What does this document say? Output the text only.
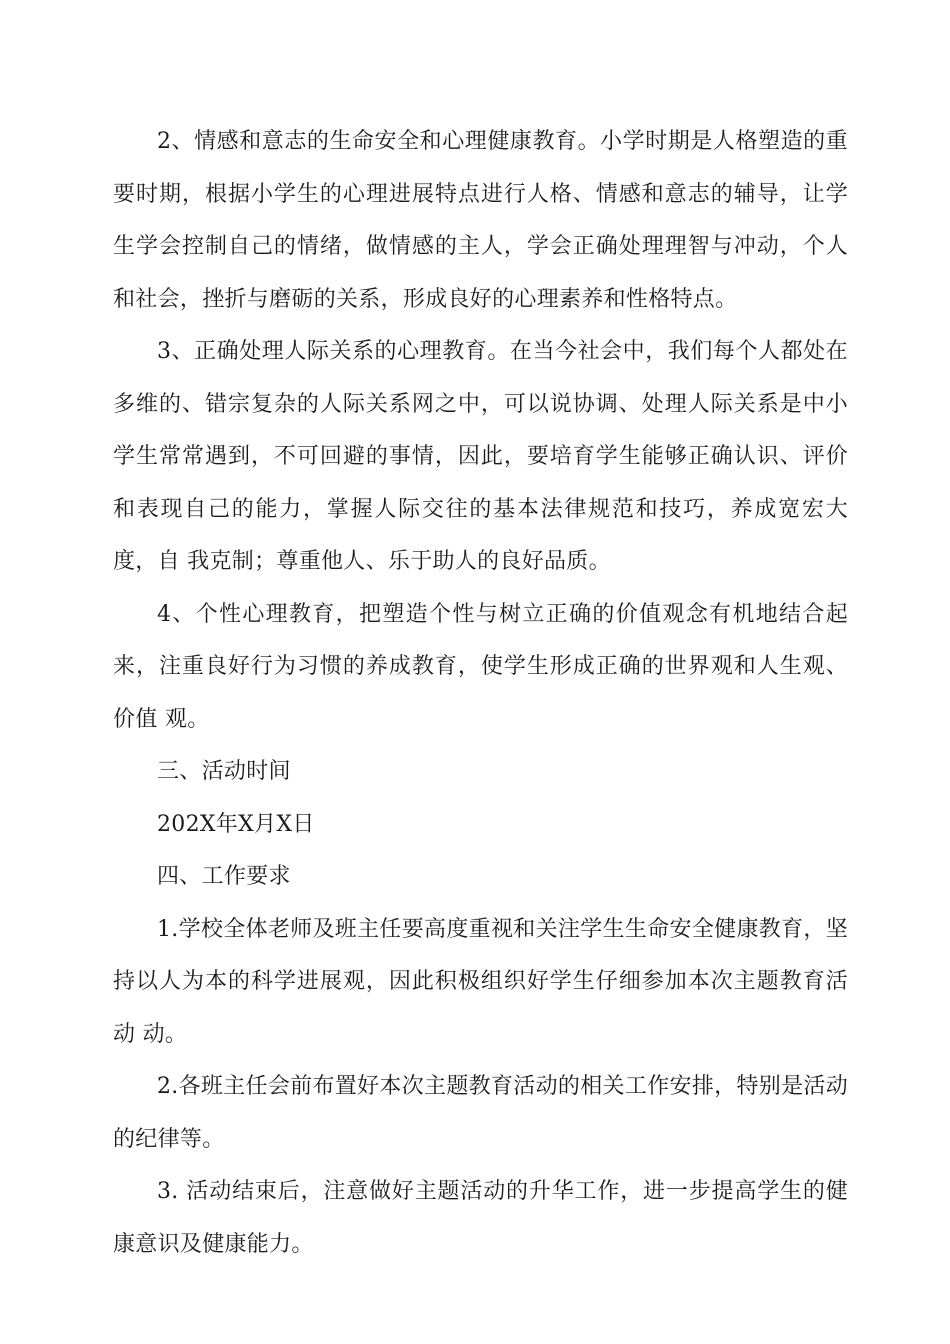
2、情感和意志的生命安全和心理健康教育。小学时期是人格塑造的重 要时期，根据小学生的心理进展特点进行人格、情感和意志的辅导，让学 生学会控制自己的情绪，做情感的主人，学会正确处理理智与冲动，个人 和社会，挫折与磨砺的关系，形成良好的心理素养和性格特点。

3、正确处理人际关系的心理教育。在当今社会中，我们每个人都处在 多维的、错宗复杂的人际关系网之中，可以说协调、处理人际关系是中小 学生常常遇到，不可回避的事情，因此，要培育学生能够正确认识、评价 和表现自己的能力，掌握人际交往的基本法律规范和技巧，养成宽宏大度，自 我克制；尊重他人、乐于助人的良好品质。

4、个性心理教育，把塑造个性与树立正确的价值观念有机地结合起来，注重良好行为习惯的养成教育，使学生形成正确的世界观和人生观、价值 观。

三、活动时间

202X年X月X日

四、工作要求

1.学校全体老师及班主任要高度重视和关注学生生命安全健康教育，坚持以人为本的科学进展观，因此积极组织好学生仔细参加本次主题教育活动 动。

2.各班主任会前布置好本次主题教育活动的相关工作安排，特别是活动的纪律等。

3. 活动结束后，注意做好主题活动的升华工作，进一步提高学生的健 康意识及健康能力。
